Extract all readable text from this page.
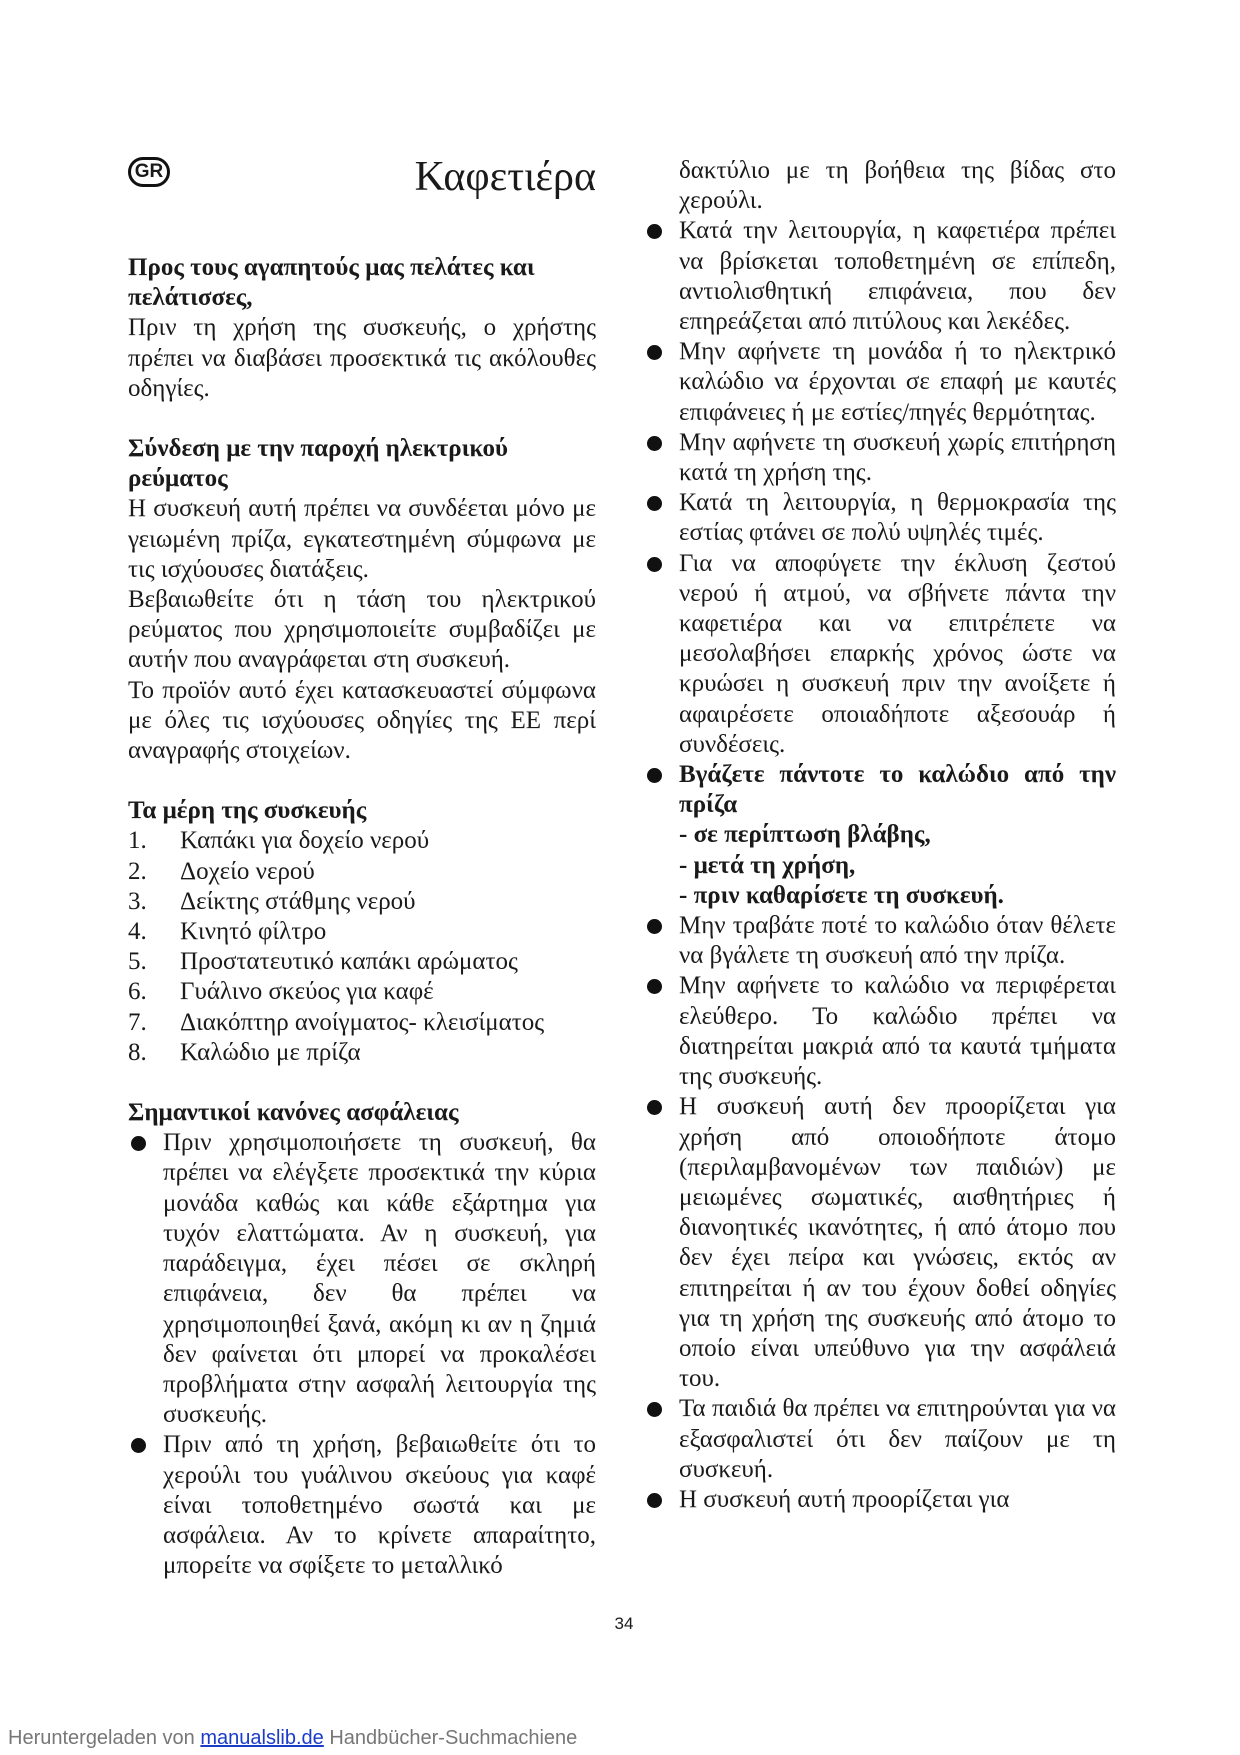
GR	Καφετιέρα
Προς τους αγαπητούς μας πελάτες και πελάτισσες,
Πριν τη χρήση της συσκευής, ο χρήστης πρέπει να διαβάσει προσεκτικά τις ακόλουθες οδηγίες.
Σύνδεση με την παροχή ηλεκτρικού ρεύματος
Η συσκευή αυτή πρέπει να συνδέεται μόνο με γειωμένη πρίζα, εγκατεστημένη σύμφωνα με τις ισχύουσες διατάξεις.
Βεβαιωθείτε ότι η τάση του ηλεκτρικού ρεύματος που χρησιμοποιείτε συμβαδίζει με αυτήν που αναγράφεται στη συσκευή.
Το προϊόν αυτό έχει κατασκευαστεί σύμφωνα με όλες τις ισχύουσες οδηγίες της ΕΕ περί αναγραφής στοιχείων.
Τα μέρη της συσκευής
1.	Καπάκι για δοχείο νερού
2.	Δοχείο νερού
3.	Δείκτης στάθμης νερού
4.	Κινητό φίλτρο
5.	Προστατευτικό καπάκι αρώματος
6.	Γυάλινο σκεύος για καφέ
7.	Διακόπτηρ ανοίγματος- κλεισίματος
8.	Καλώδιο με πρίζα
Σημαντικοί κανόνες ασφάλειας
Πριν χρησιμοποιήσετε τη συσκευή, θα πρέπει να ελέγξετε προσεκτικά την κύρια μονάδα καθώς και κάθε εξάρτημα για τυχόν ελαττώματα. Αν η συσκευή, για παράδειγμα, έχει πέσει σε σκληρή επιφάνεια, δεν θα πρέπει να χρησιμοποιηθεί ξανά, ακόμη κι αν η ζημιά δεν φαίνεται ότι μπορεί να προκαλέσει προβλήματα στην ασφαλή λειτουργία της συσκευής.
Πριν από τη χρήση, βεβαιωθείτε ότι το χερούλι του γυάλινου σκεύους για καφέ είναι τοποθετημένο σωστά και με ασφάλεια. Αν το κρίνετε απαραίτητο, μπορείτε να σφίξετε το μεταλλικό
δακτύλιο με τη βοήθεια της βίδας στο χερούλι.
Κατά την λειτουργία, η καφετιέρα πρέπει να βρίσκεται τοποθετημένη σε επίπεδη, αντιολισθητική επιφάνεια, που δεν επηρεάζεται από πιτύλους και λεκέδες.
Μην αφήνετε τη μονάδα ή το ηλεκτρικό καλώδιο να έρχονται σε επαφή με καυτές επιφάνειες ή με εστίες/πηγές θερμότητας.
Μην αφήνετε τη συσκευή χωρίς επιτήρηση κατά τη χρήση της.
Κατά τη λειτουργία, η θερμοκρασία της εστίας φτάνει σε πολύ υψηλές τιμές.
Για να αποφύγετε την έκλυση ζεστού νερού ή ατμού, να σβήνετε πάντα την καφετιέρα και να επιτρέπετε να μεσολαβήσει επαρκής χρόνος ώστε να κρυώσει η συσκευή πριν την ανοίξετε ή αφαιρέσετε οποιαδήποτε αξεσουάρ ή συνδέσεις.
Βγάζετε πάντοτε το καλώδιο από την πρίζα
- σε περίπτωση βλάβης,
- μετά τη χρήση,
- πριν καθαρίσετε τη συσκευή.
Μην τραβάτε ποτέ το καλώδιο όταν θέλετε να βγάλετε τη συσκευή από την πρίζα.
Μην αφήνετε το καλώδιο να περιφέρεται ελεύθερο. Το καλώδιο πρέπει να διατηρείται μακριά από τα καυτά τμήματα της συσκευής.
Η συσκευή αυτή δεν προορίζεται για χρήση από οποιοδήποτε άτομο (περιλαμβανομένων των παιδιών) με μειωμένες σωματικές, αισθητήριες ή διανοητικές ικανότητες, ή από άτομο που δεν έχει πείρα και γνώσεις, εκτός αν επιτηρείται ή αν του έχουν δοθεί οδηγίες για τη χρήση της συσκευής από άτομο το οποίο είναι υπεύθυνο για την ασφάλειά του.
Τα παιδιά θα πρέπει να επιτηρούνται για να εξασφαλιστεί ότι δεν παίζουν με τη συσκευή.
Η συσκευή αυτή προορίζεται για
34
Heruntergeladen von manualslib.de Handbücher-Suchmachiene
